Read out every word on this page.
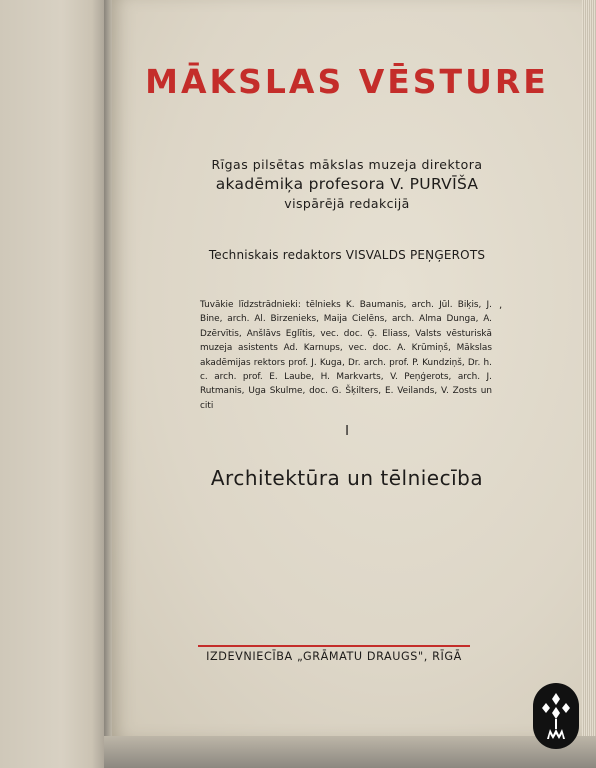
MĀKSLAS VĒSTURE
Rīgas pilsētas mākslas muzeja direktora
akadēmiķa profesora V. PURVĪŠA
vispārējā redakcijā
Techniskais redaktors VISVALDS PEŅĢEROTS
Tuvākie līdzstrādnieki: tēlnieks K. Baumanis, arch. Jūl. Biķis, J. Bine, arch. Al. Birzenieks, Maija Cielēns, arch. Alma Dunga, A. Dzērvītis, Anšlāvs Eglītis, vec. doc. Ģ. Eliass, Valsts vēsturiskā muzeja asistents Ad. Karnups, vec. doc. A. Krūmiņš, Mākslas akadēmijas rektors prof. J. Kuga, Dr. arch. prof. P. Kundziņš, Dr. h. c. arch. prof. E. Laube, H. Markvarts, V. Peņģerots, arch. J. Rutmanis, Uga Skulme, doc. G. Šķilters, E. Veilands, V. Zosts un citi
,
I
Architektūra un tēlniecība
IZDEVNIECĪBA „GRĀMATU DRAUGS", RĪGĀ
